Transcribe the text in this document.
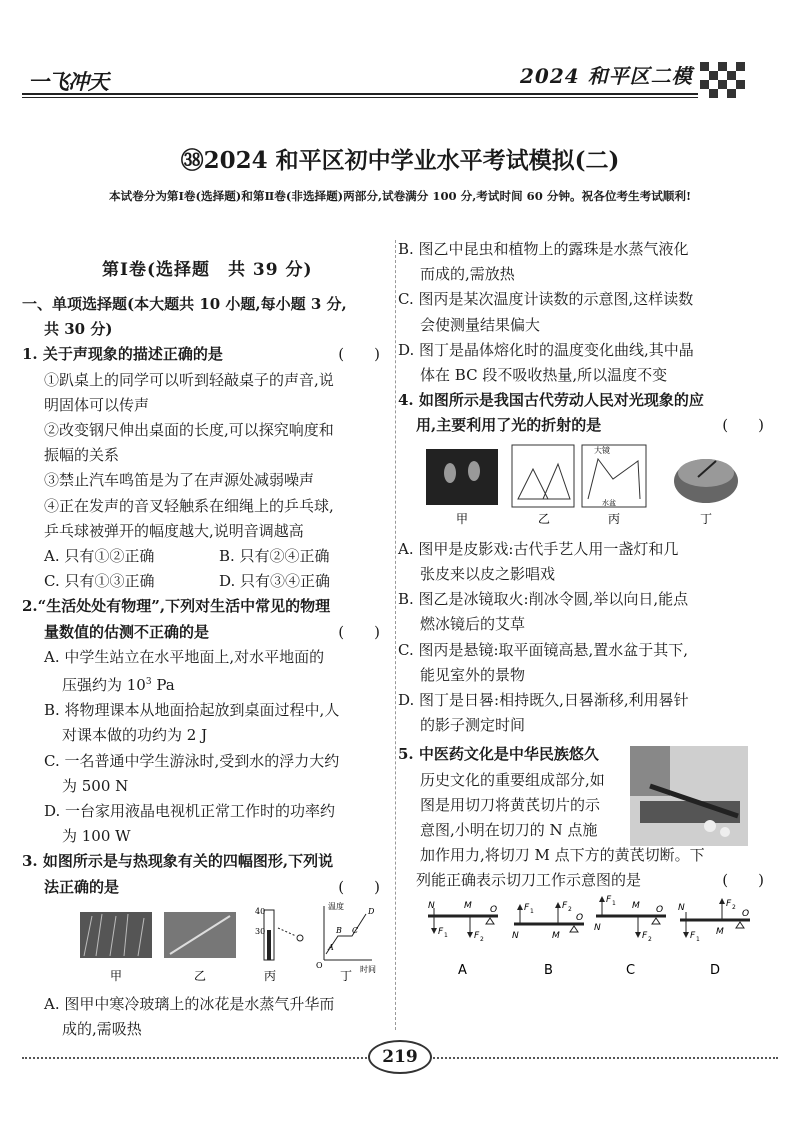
一飞冲天	2024 和平区二模
㊳2024 和平区初中学业水平考试模拟(二)
本试卷分为第Ⅰ卷(选择题)和第Ⅱ卷(非选择题)两部分,试卷满分 100 分,考试时间 60 分钟。祝各位考生考试顺利!
第Ⅰ卷(选择题　共 39 分)

一、单项选择题(本大题共 10 小题,每小题 3 分,

共 30 分)

1. 关于声现象的描述正确的是	(　　)

①趴桌上的同学可以听到轻敲桌子的声音,说

明固体可以传声

②改变钢尺伸出桌面的长度,可以探究响度和

振幅的关系

③禁止汽车鸣笛是为了在声源处减弱噪声

④正在发声的音叉轻触系在细绳上的乒乓球,

乒乓球被弹开的幅度越大,说明音调越高

A. 只有①②正确	B. 只有②④正确

C. 只有①③正确	D. 只有③④正确

2.“生活处处有物理”,下列对生活中常见的物理

量数值的估测不正确的是	(　　)

A. 中学生站立在水平地面上,对水平地面的

压强约为 $10^3$ Pa

B. 将物理课本从地面拾起放到桌面过程中,人

对课本做的功约为 2 J

C. 一名普通中学生游泳时,受到水的浮力大约

为 500 N

D. 一台家用液晶电视机正常工作时的功率约

为 100 W

3. 如图所示是与热现象有关的四幅图形,下列说

法正确的是	(　　)

40
30
温度
时间
O
A
B C
D
甲	乙	丙	丁

A. 图甲中寒冷玻璃上的冰花是水蒸气升华而

成的,需吸热

B. 图乙中昆虫和植物上的露珠是水蒸气液化

而成的,需放热

C. 图丙是某次温度计读数的示意图,这样读数

会使测量结果偏大

D. 图丁是晶体熔化时的温度变化曲线,其中晶

体在 BC 段不吸收热量,所以温度不变

4. 如图所示是我国古代劳动人民对光现象的应

用,主要利用了光的折射的是	(　　)

大镜
水盆
甲	乙	丙	丁

A. 图甲是皮影戏:古代手艺人用一盏灯和几

张皮来以皮之影唱戏

B. 图乙是冰镜取火:削冰令圆,举以向日,能点

燃冰镜后的艾草

C. 图丙是悬镜:取平面镜高悬,置水盆于其下,

能见室外的景物

D. 图丁是日晷:相持既久,日晷渐移,利用晷针

的影子测定时间

5. 中医药文化是中华民族悠久

历史文化的重要组成部分,如

图是用切刀将黄芪切片的示

意图,小明在切刀的 N 点施

加作用力,将切刀 M 点下方的黄芪切断。下

列能正确表示切刀工作示意图的是	(　　)

N	M O
F 1	F 2	N	M
O
F 1
F 2
N
M O
F 1
F 2
N
M
O
F 1
F 2
A	B	C	D
219
